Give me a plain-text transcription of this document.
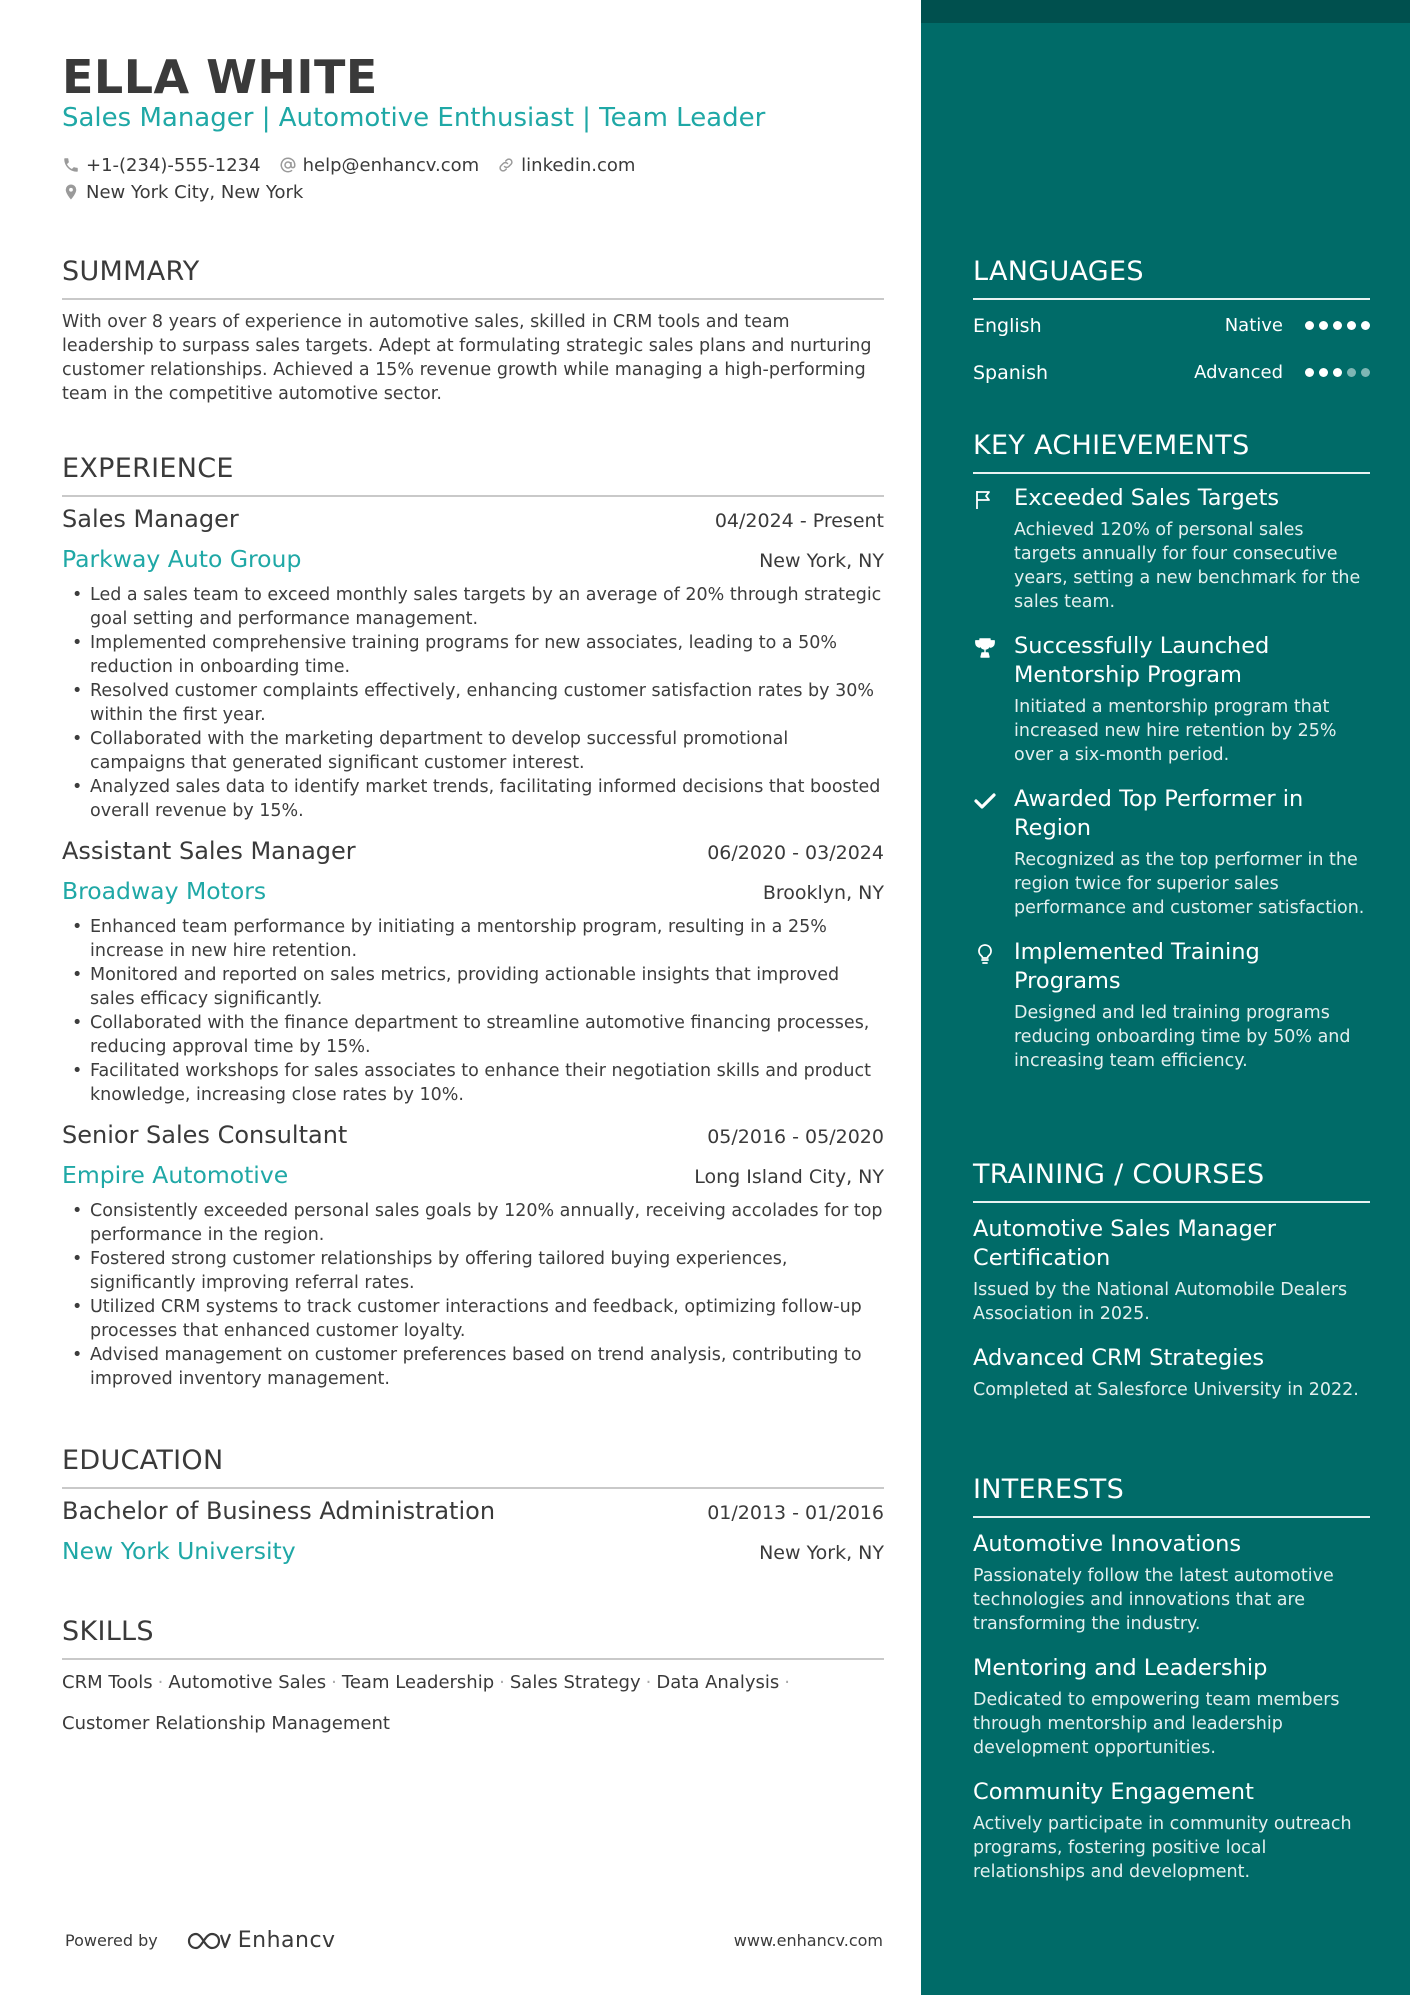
ELLA WHITE
Sales Manager | Automotive Enthusiast | Team Leader
+1-(234)-555-1234 help@enhancv.com linkedin.com
New York City, New York
SUMMARY
With over 8 years of experience in automotive sales, skilled in CRM tools and team leadership to surpass sales targets. Adept at formulating strategic sales plans and nurturing customer relationships. Achieved a 15% revenue growth while managing a high-performing team in the competitive automotive sector.
EXPERIENCE
Sales Manager	04/2024 - Present
Parkway Auto Group	New York, NY
• Led a sales team to exceed monthly sales targets by an average of 20% through strategic goal setting and performance management.
• Implemented comprehensive training programs for new associates, leading to a 50% reduction in onboarding time.
• Resolved customer complaints effectively, enhancing customer satisfaction rates by 30% within the first year.
• Collaborated with the marketing department to develop successful promotional campaigns that generated significant customer interest.
• Analyzed sales data to identify market trends, facilitating informed decisions that boosted overall revenue by 15%.
Assistant Sales Manager	06/2020 - 03/2024
Broadway Motors	Brooklyn, NY
• Enhanced team performance by initiating a mentorship program, resulting in a 25% increase in new hire retention.
• Monitored and reported on sales metrics, providing actionable insights that improved sales efficacy significantly.
• Collaborated with the finance department to streamline automotive financing processes, reducing approval time by 15%.
• Facilitated workshops for sales associates to enhance their negotiation skills and product knowledge, increasing close rates by 10%.
Senior Sales Consultant	05/2016 - 05/2020
Empire Automotive	Long Island City, NY
• Consistently exceeded personal sales goals by 120% annually, receiving accolades for top performance in the region.
• Fostered strong customer relationships by offering tailored buying experiences, significantly improving referral rates.
• Utilized CRM systems to track customer interactions and feedback, optimizing follow-up processes that enhanced customer loyalty.
• Advised management on customer preferences based on trend analysis, contributing to improved inventory management.
EDUCATION
Bachelor of Business Administration	01/2013 - 01/2016
New York University	New York, NY
SKILLS
CRM Tools · Automotive Sales · Team Leadership · Sales Strategy · Data Analysis ·
Customer Relationship Management
Powered by	Enhancv	www.enhancv.com
LANGUAGES
English	Native
Spanish	Advanced
KEY ACHIEVEMENTS
Exceeded Sales Targets
Achieved 120% of personal sales targets annually for four consecutive years, setting a new benchmark for the sales team.
Successfully Launched Mentorship Program
Initiated a mentorship program that increased new hire retention by 25% over a six-month period.
Awarded Top Performer in Region
Recognized as the top performer in the region twice for superior sales performance and customer satisfaction.
Implemented Training Programs
Designed and led training programs reducing onboarding time by 50% and increasing team efficiency.
TRAINING / COURSES
Automotive Sales Manager Certification
Issued by the National Automobile Dealers Association in 2025.
Advanced CRM Strategies
Completed at Salesforce University in 2022.
INTERESTS
Automotive Innovations
Passionately follow the latest automotive technologies and innovations that are transforming the industry.
Mentoring and Leadership
Dedicated to empowering team members through mentorship and leadership development opportunities.
Community Engagement
Actively participate in community outreach programs, fostering positive local relationships and development.
